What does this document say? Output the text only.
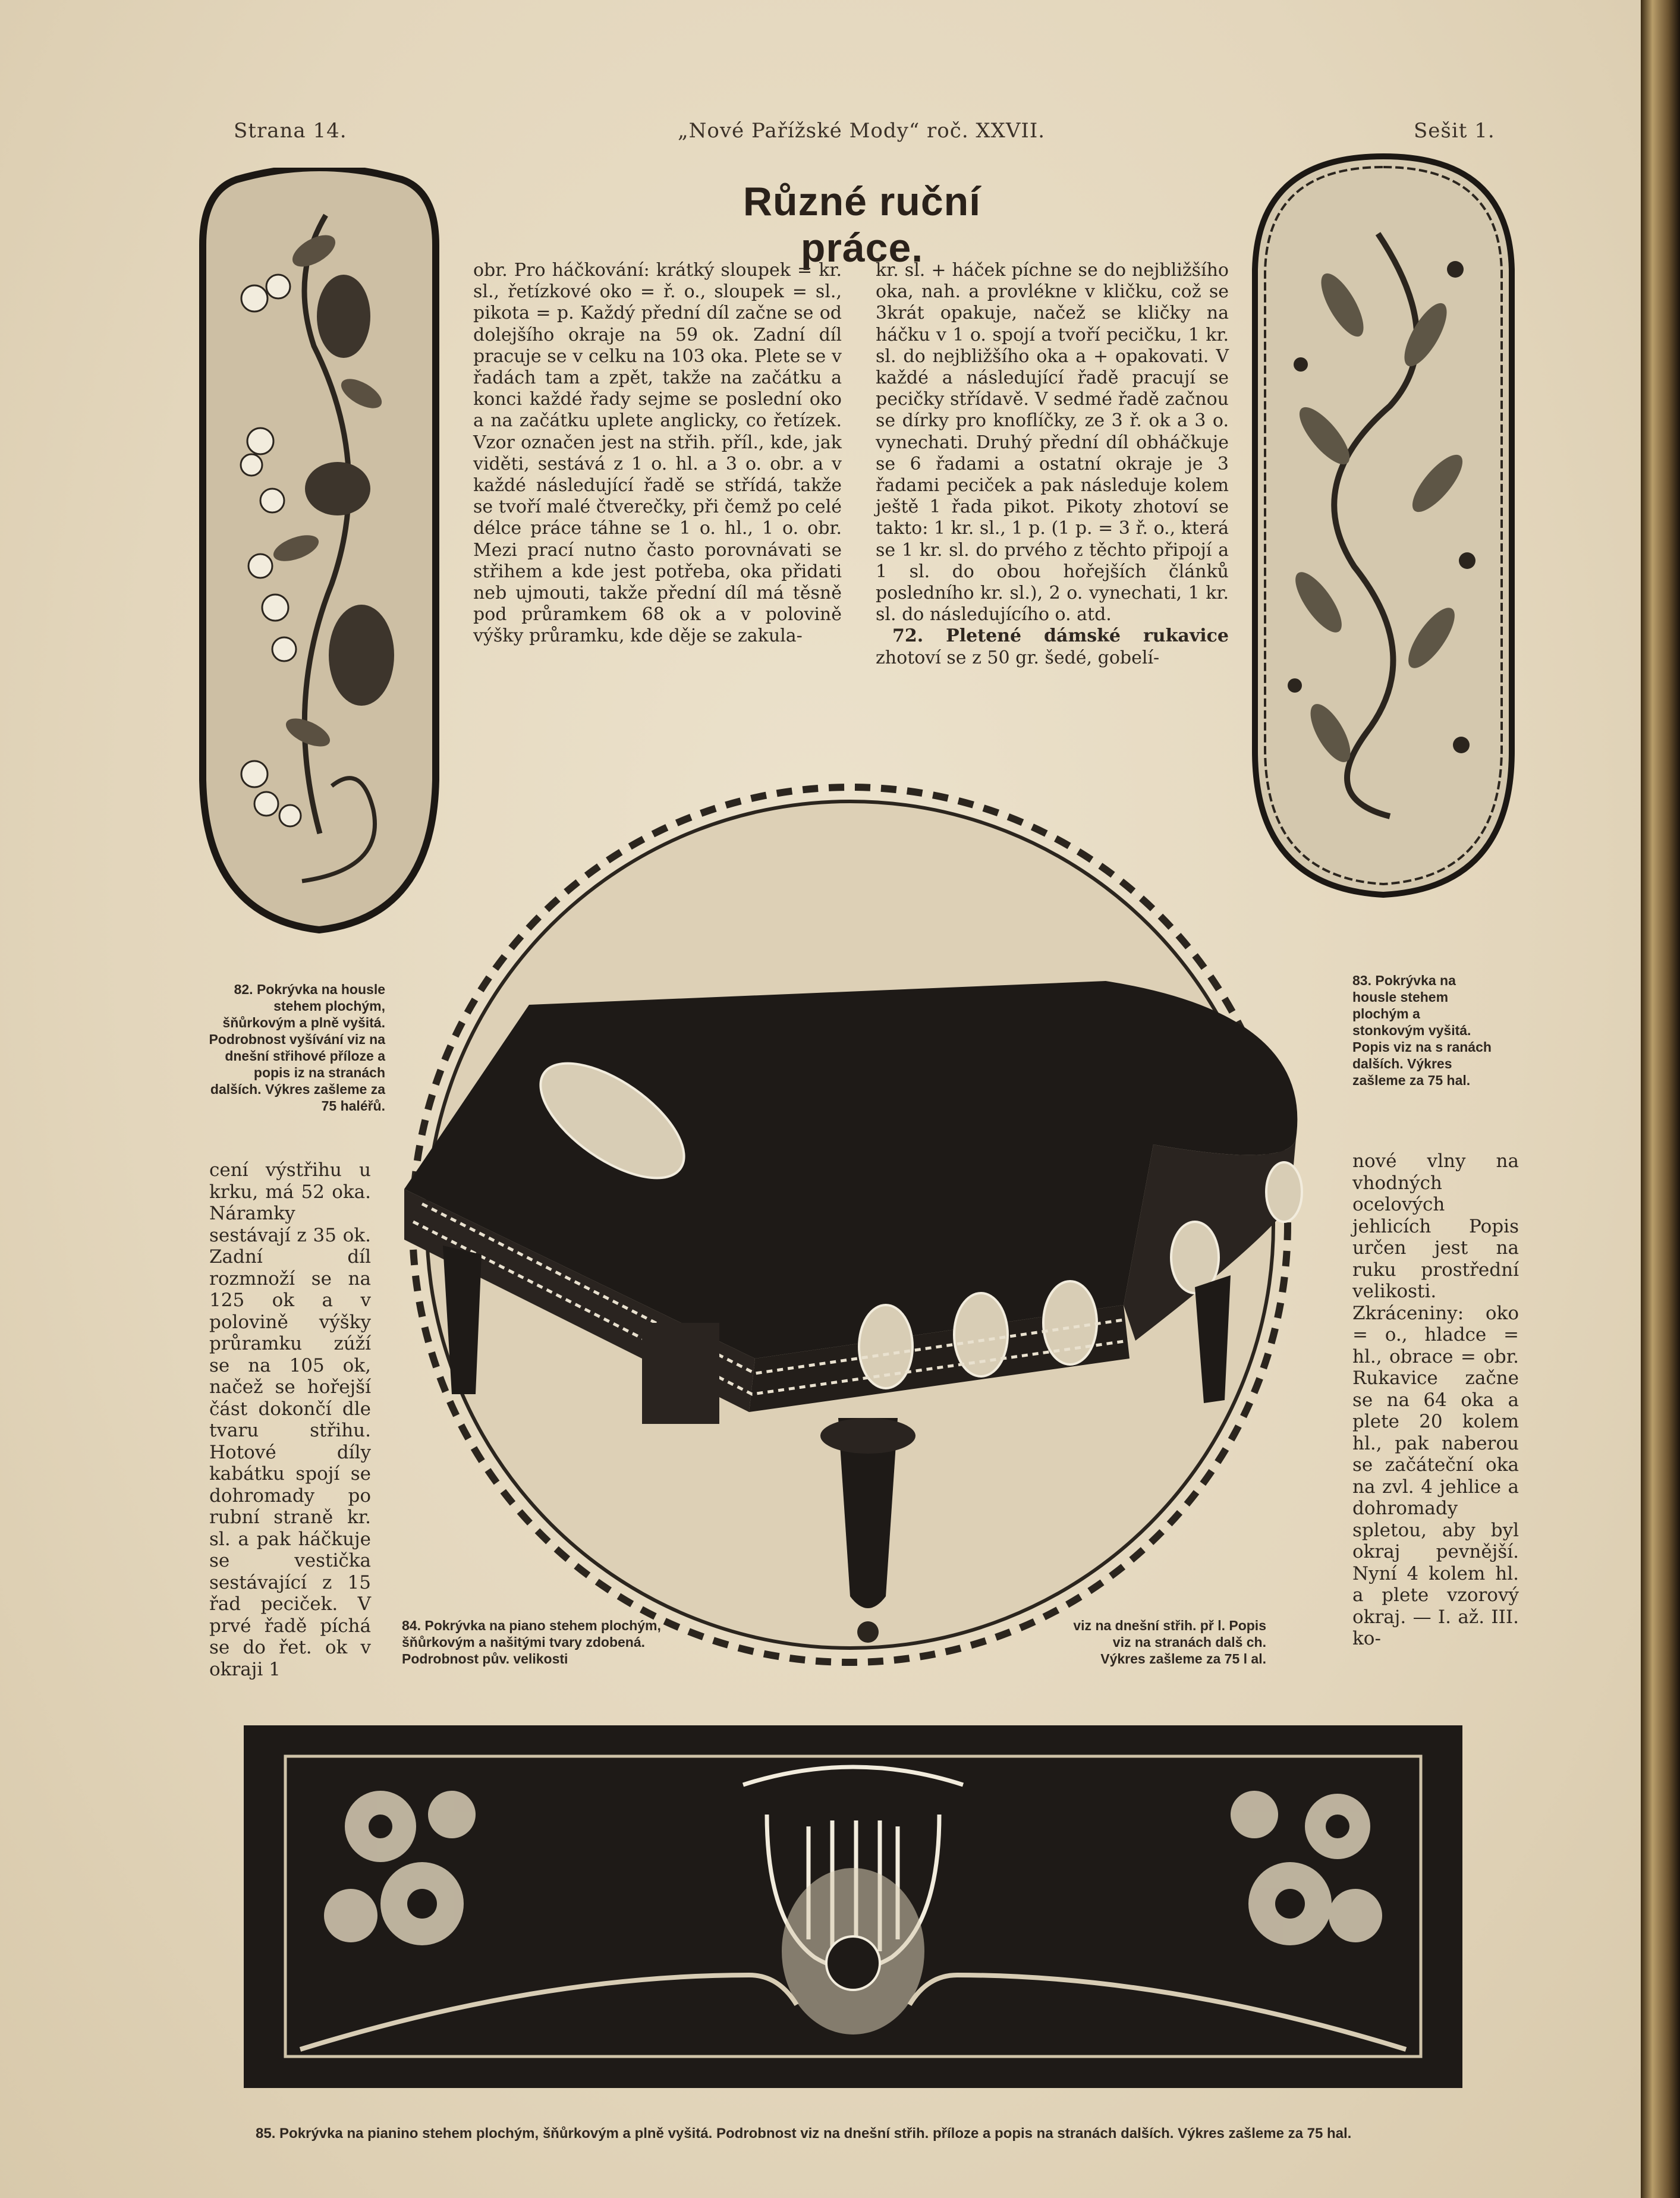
Strana 14.	„Nové Pařížské Mody“ roč. XXVII.	Sešit 1.
Různé ruční práce.

obr. Pro háčkování: krátký sloupek = kr. sl., řetízkové oko = ř. o., sloupek = sl., pikota = p. Každý přední díl začne se od dolejšího okraje na 59 ok. Zadní díl pracuje se v celku na 103 oka. Plete se v řadách tam a zpět, takže na začátku a konci každé řady sejme se poslední oko a na začátku uplete anglicky, co řetízek. Vzor označen jest na střih. příl., kde, jak viděti, sestává z 1 o. hl. a 3 o. obr. a v každé následující řadě se střídá, takže se tvoří malé čtverečky, při čemž po celé délce práce táhne se 1 o. hl., 1 o. obr. Mezi prací nutno často porovnávati se střihem a kde jest potřeba, oka přidati neb ujmouti, takže přední díl má těsně pod průramkem 68 ok a v polovině výšky průramku, kde děje se zakula-

kr. sl. + háček píchne se do nejbližšího oka, nah. a provlékne v kličku, což se 3krát opakuje, načež se kličky na háčku v 1 o. spojí a tvoří pecičku, 1 kr. sl. do nejbližšího oka a + opakovati. V každé a následující řadě pracují se pecičky střídavě. V sedmé řadě začnou se dírky pro knoflíčky, ze 3 ř. ok a 3 o. vynechati. Druhý přední díl obháčkuje se 6 řadami a ostatní okraje je 3 řadami peciček a pak následuje kolem ještě 1 řada pikot. Pikoty zhotoví se takto: 1 kr. sl., 1 p. (1 p. = 3 ř. o., která se 1 kr. sl. do prvého z těchto připojí a 1 sl. do obou hořejších článků posledního kr. sl.), 2 o. vynechati, 1 kr. sl. do následujícího o. atd.

72. Pletené dámské rukavice zhotoví se z 50 gr. šedé, gobelí-

82. Pokrývka na housle stehem plochým, šňůrkovým a plně vyšitá. Podrobnost vyšívání viz na dnešní střihové příloze a popis iz na stranách dalších. Výkres zašleme za 75 haléřů.

83. Pokrývka na housle stehem plochým a stonkovým vyšitá. Popis viz na s ranách dalších. Výkres zašleme za 75 hal.

cení výstřihu u krku, má 52 oka. Náramky sestávají z 35 ok. Zadní díl rozmnoží se na 125 ok a v polovině výšky průramku zúží se na 105 ok, načež se hořejší část dokončí dle tvaru střihu. Hotové díly kabátku spojí se dohromady po rubní straně kr. sl. a pak háčkuje se vestička sestávající z 15 řad peciček. V prvé řadě píchá se do řet. ok v okraji 1

nové vlny na vhodných ocelových jehlicích Popis určen jest na ruku prostřední velikosti. Zkráceniny: oko = o., hladce = hl., obrace = obr. Rukavice začne se na 64 oka a plete 20 kolem hl., pak naberou se začáteční oka na zvl. 4 jehlice a dohromady spletou, aby byl okraj pevnější. Nyní 4 kolem hl. a plete vzorový okraj. — I. až. III. ko-

84. Pokrývka na piano stehem plochým, šňůrkovým a našitými tvary zdobená. Podrobnost pův. velikosti

viz na dnešní střih. př l. Popis viz na stranách dalš ch. Výkres zašleme za 75 l al.

85. Pokrývka na pianino stehem plochým, šňůrkovým a plně vyšitá. Podrobnost viz na dnešní střih. příloze a popis na stranách dalších. Výkres zašleme za 75 hal.
